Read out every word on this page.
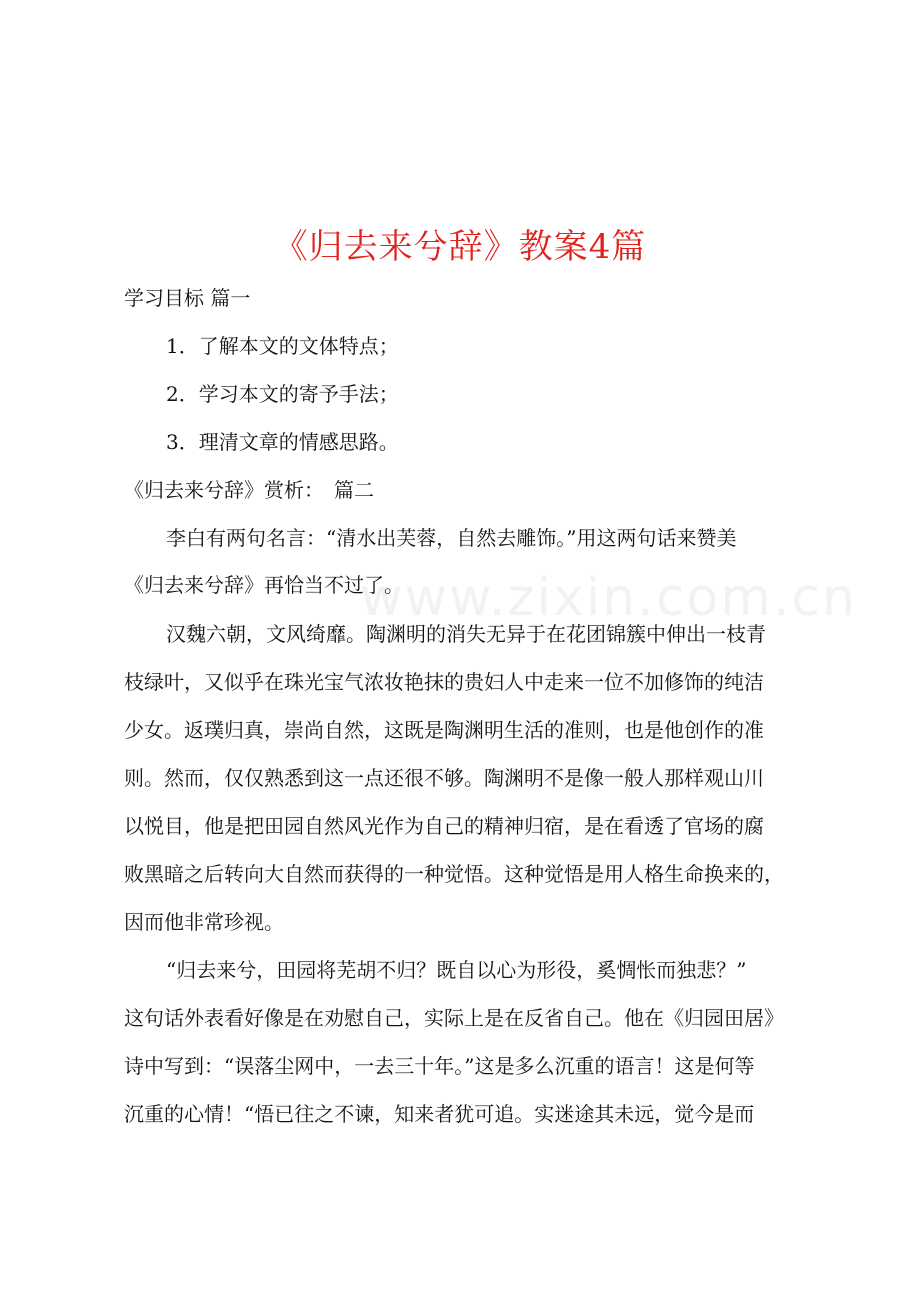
www.zixin.com.cn
《归去来兮辞》教案4篇
学习目标 篇一
1．了解本文的文体特点；
2．学习本文的寄予手法；
3．理清文章的情感思路。
《归去来兮辞》赏析：　篇二
李白有两句名言：“清水出芙蓉，自然去雕饰。”用这两句话来赞美
《归去来兮辞》再恰当不过了。
汉魏六朝，文风绮靡。陶渊明的消失无异于在花团锦簇中伸出一枝青
枝绿叶，又似乎在珠光宝气浓妆艳抹的贵妇人中走来一位不加修饰的纯洁
少女。返璞归真，崇尚自然，这既是陶渊明生活的准则，也是他创作的准
则。然而，仅仅熟悉到这一点还很不够。陶渊明不是像一般人那样观山川
以悦目，他是把田园自然风光作为自己的精神归宿，是在看透了官场的腐
败黑暗之后转向大自然而获得的一种觉悟。这种觉悟是用人格生命换来的，
因而他非常珍视。
“归去来兮，田园将芜胡不归？既自以心为形役，奚惆怅而独悲？”
这句话外表看好像是在劝慰自己，实际上是在反省自己。他在《归园田居》
诗中写到：“误落尘网中，一去三十年。”这是多么沉重的语言！这是何等
沉重的心情！“悟已往之不谏，知来者犹可追。实迷途其未远，觉今是而
